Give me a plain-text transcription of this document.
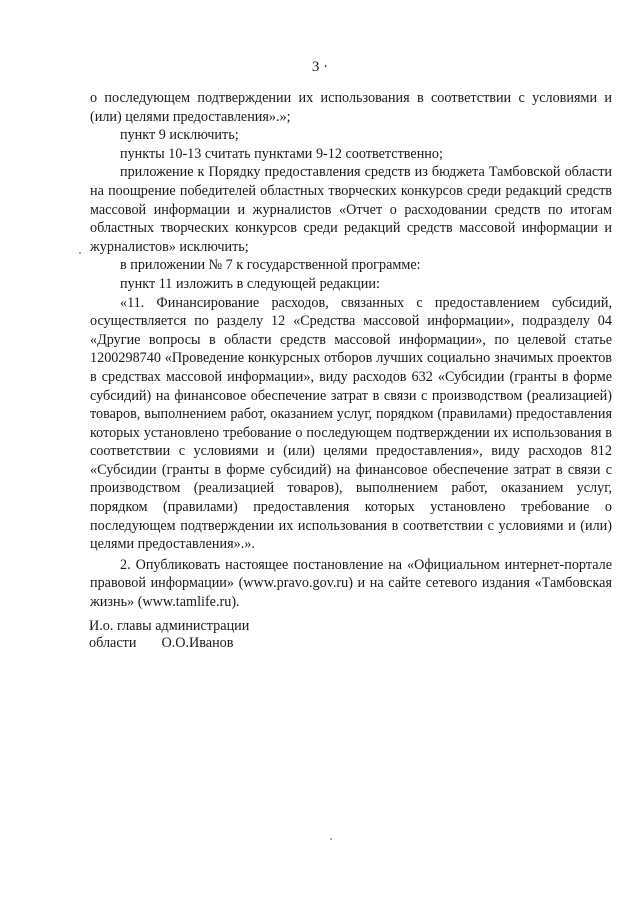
3 ·

о последующем подтверждении их использования в соответствии с условиями и (или) целями предоставления».»;

пункт 9 исключить;

пункты 10-13 считать пунктами 9-12 соответственно;

приложение к Порядку предоставления средств из бюджета Тамбовской области на поощрение победителей областных творческих конкурсов среди редакций средств массовой информации и журналистов «Отчет о расходовании средств по итогам областных творческих конкурсов среди редакций средств массовой информации и журналистов» исключить;

в приложении № 7 к государственной программе:

пункт 11 изложить в следующей редакции:

«11. Финансирование расходов, связанных с предоставлением субсидий, осуществляется по разделу 12 «Средства массовой информации», подразделу 04 «Другие вопросы в области средств массовой информации», по целевой статье 1200298740 «Проведение конкурсных отборов лучших социально значимых проектов в средствах массовой информации», виду расходов 632 «Субсидии (гранты в форме субсидий) на финансовое обеспечение затрат в связи с производством (реализацией) товаров, выполнением работ, оказанием услуг, порядком (правилами) предоставления которых установлено требование о последующем подтверждении их использования в соответствии с условиями и (или) целями предоставления», виду расходов 812 «Субсидии (гранты в форме субсидий) на финансовое обеспечение затрат в связи с производством (реализацией товаров), выполнением работ, оказанием услуг, порядком (правилами) предоставления которых установлено требование о последующем подтверждении их использования в соответствии с условиями и (или) целями предоставления».».

2. Опубликовать настоящее постановление на «Официальном интернет-портале правовой информации» (www.pravo.gov.ru) и на сайте сетевого издания «Тамбовская жизнь» (www.tamlife.ru).

И.о. главы администрации
области О.О.Иванов
